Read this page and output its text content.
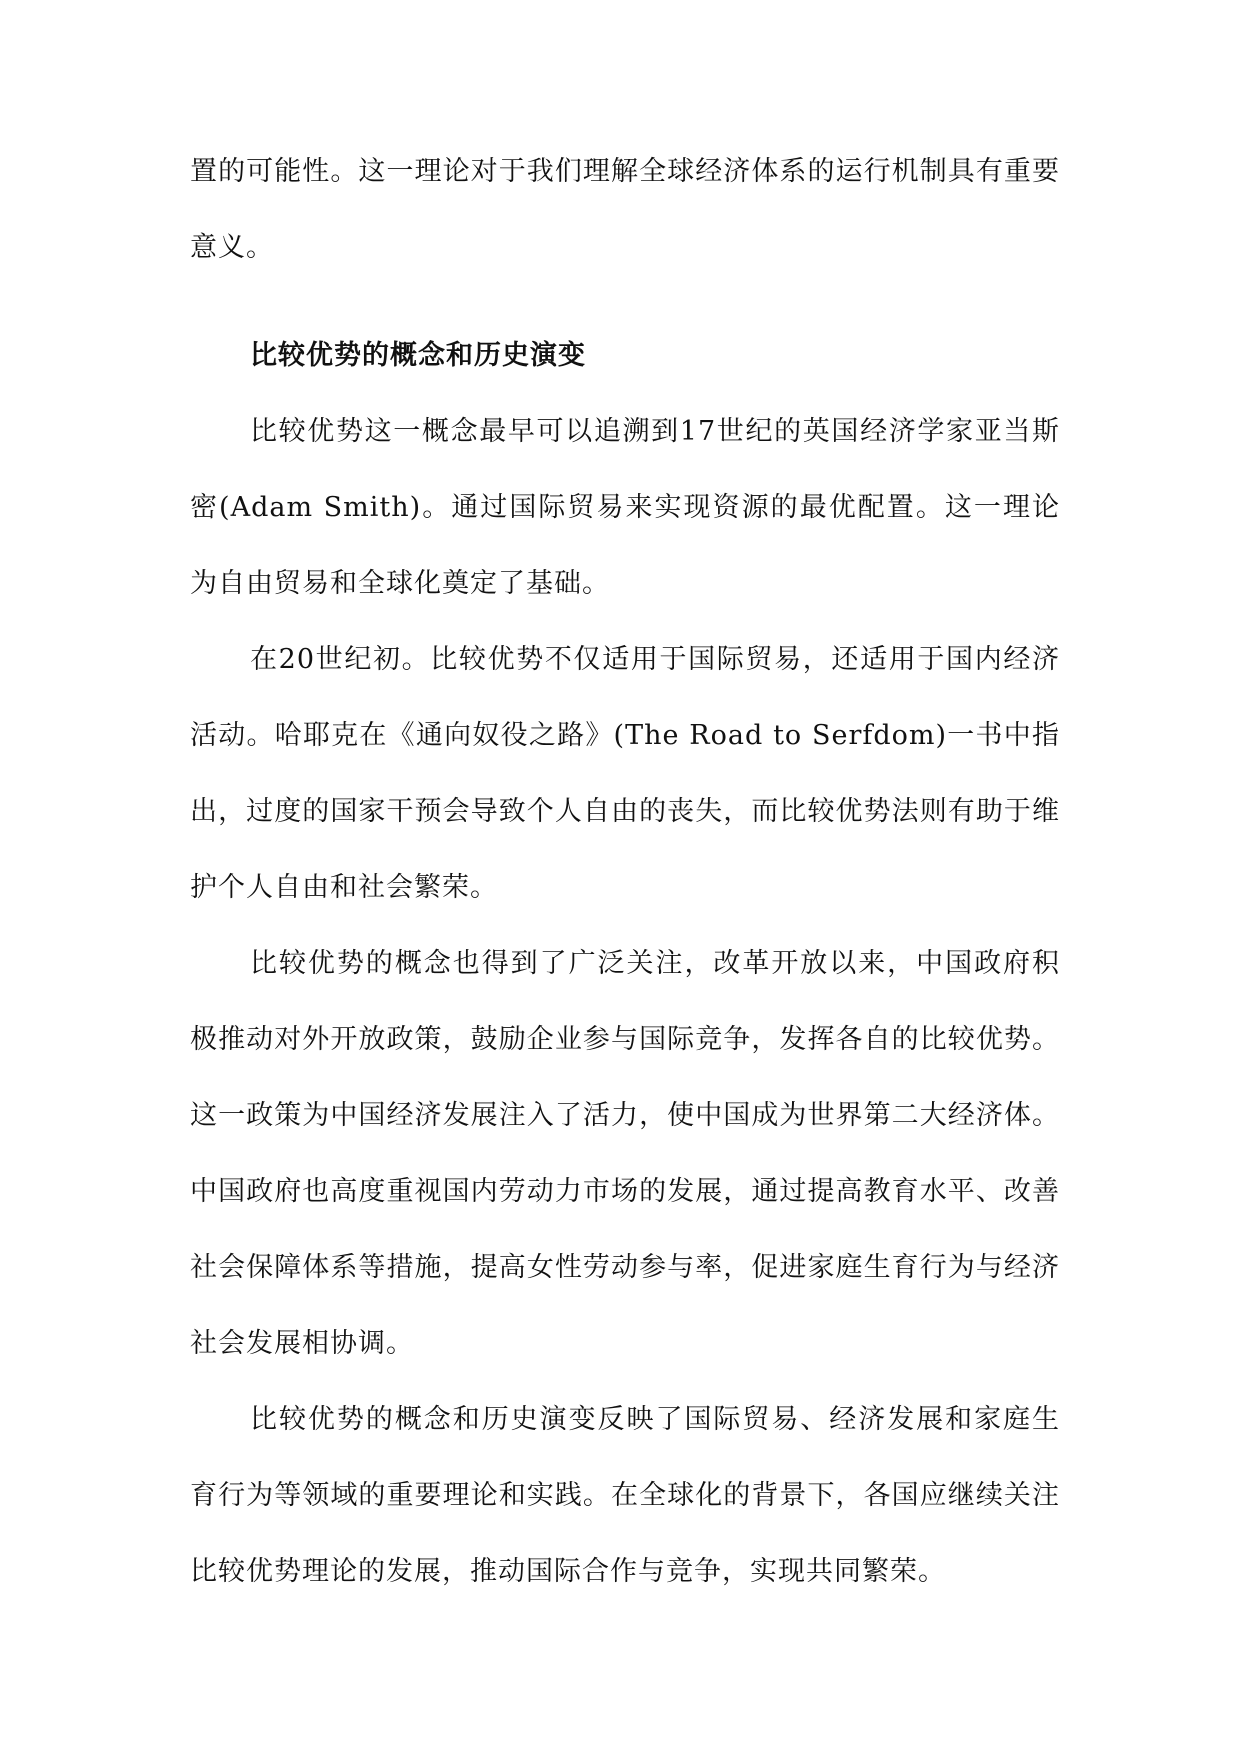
置的可能性。这一理论对于我们理解全球经济体系的运行机制具有重要意义。

比较优势的概念和历史演变

比较优势这一概念最早可以追溯到17世纪的英国经济学家亚当斯密(Adam Smith)。通过国际贸易来实现资源的最优配置。这一理论为自由贸易和全球化奠定了基础。

在20世纪初。比较优势不仅适用于国际贸易，还适用于国内经济活动。哈耶克在《通向奴役之路》(The Road to Serfdom)一书中指出，过度的国家干预会导致个人自由的丧失，而比较优势法则有助于维护个人自由和社会繁荣。

比较优势的概念也得到了广泛关注，改革开放以来，中国政府积极推动对外开放政策，鼓励企业参与国际竞争，发挥各自的比较优势。这一政策为中国经济发展注入了活力，使中国成为世界第二大经济体。中国政府也高度重视国内劳动力市场的发展，通过提高教育水平、改善社会保障体系等措施，提高女性劳动参与率，促进家庭生育行为与经济社会发展相协调。

比较优势的概念和历史演变反映了国际贸易、经济发展和家庭生育行为等领域的重要理论和实践。在全球化的背景下，各国应继续关注比较优势理论的发展，推动国际合作与竞争，实现共同繁荣。
